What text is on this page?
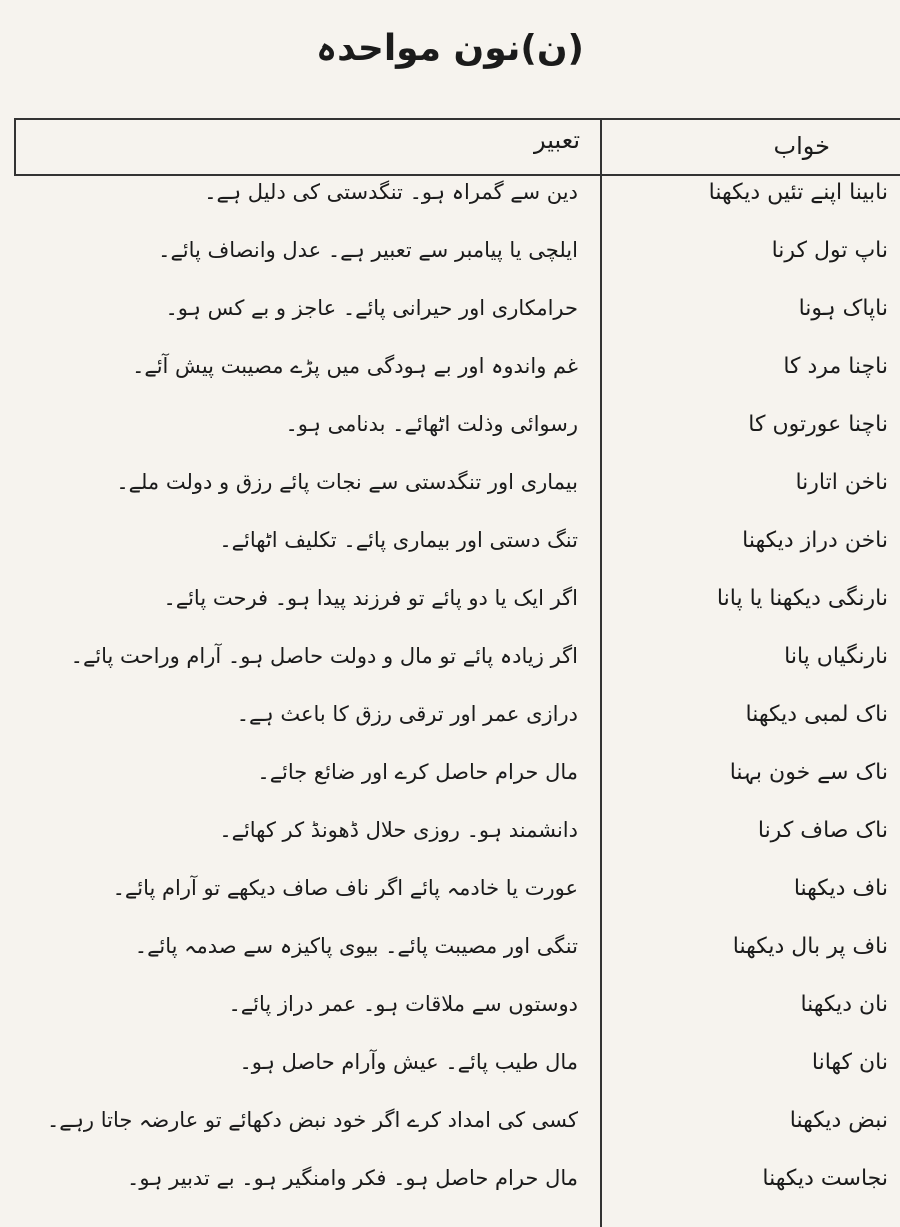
(ن)نون مواحدہ
خواب
تعبیر
نابینا اپنے تئیں دیکھنا
دین سے گمراہ ہو۔ تنگدستی کی دلیل ہے۔
ناپ تول کرنا
ایلچی یا پیامبر سے تعبیر ہے۔ عدل وانصاف پائے۔
ناپاک ہونا
حرامکاری اور حیرانی پائے۔ عاجز و بے کس ہو۔
ناچنا مرد کا
غم واندوہ اور بے ہودگی میں پڑے مصیبت پیش آئے۔
ناچنا عورتوں کا
رسوائی وذلت اٹھائے۔ بدنامی ہو۔
ناخن اتارنا
بیماری اور تنگدستی سے نجات پائے رزق و دولت ملے۔
ناخن دراز دیکھنا
تنگ دستی اور بیماری پائے۔ تکلیف اٹھائے۔
نارنگی دیکھنا یا پانا
اگر ایک یا دو پائے تو فرزند پیدا ہو۔ فرحت پائے۔
نارنگیاں پانا
اگر زیادہ پائے تو مال و دولت حاصل ہو۔ آرام وراحت پائے۔
ناک لمبی دیکھنا
درازی عمر اور ترقی رزق کا باعث ہے۔
ناک سے خون بہنا
مال حرام حاصل کرے اور ضائع جائے۔
ناک صاف کرنا
دانشمند ہو۔ روزی حلال ڈھونڈ کر کھائے۔
ناف دیکھنا
عورت یا خادمہ پائے اگر ناف صاف دیکھے تو آرام پائے۔
ناف پر بال دیکھنا
تنگی اور مصیبت پائے۔ بیوی پاکیزہ سے صدمہ پائے۔
نان دیکھنا
دوستوں سے ملاقات ہو۔ عمر دراز پائے۔
نان کھانا
مال طیب پائے۔ عیش وآرام حاصل ہو۔
نبض دیکھنا
کسی کی امداد کرے اگر خود نبض دکھائے تو عارضہ جاتا رہے۔
نجاست دیکھنا
مال حرام حاصل ہو۔ فکر وامنگیر ہو۔ بے تدبیر ہو۔
